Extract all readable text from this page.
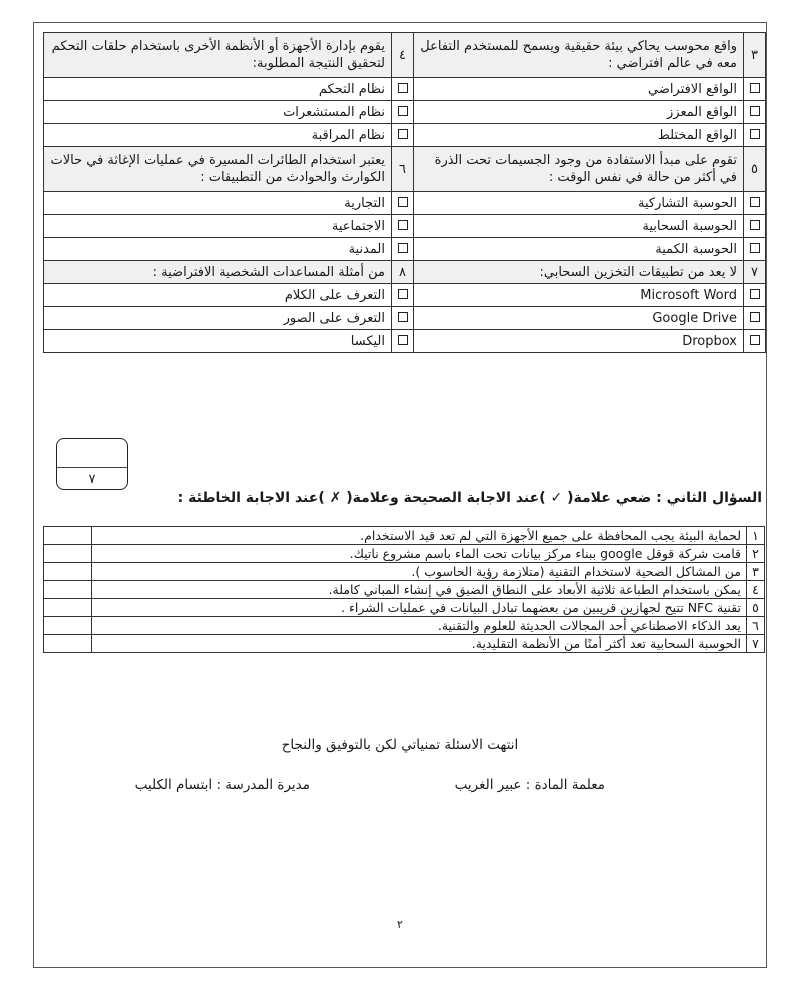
٣	واقع محوسب يحاكي بيئة حقيقية ويسمح للمستخدم التفاعل معه في عالم افتراضي :	٤	يقوم بإدارة الأجهزة أو الأنظمة الأخرى باستخدام حلقات التحكم لتحقيق النتيجة المطلوبة:
	الواقع الافتراضي		نظام التحكم
	الواقع المعزز		نظام المستشعرات
	الواقع المختلط		نظام المراقبة
٥	تقوم على مبدأ الاستفادة من وجود الجسيمات تحت الذرة في أكثر من حالة في نفس الوقت :	٦	يعتبر استخدام الطائرات المسيرة في عمليات الإغاثة في حالات الكوارث والحوادث من التطبيقات :
	الحوسبة التشاركية		التجارية
	الحوسبة السحابية		الاجتماعية
	الحوسبة الكمية		المدنية
٧	لا يعد من تطبيقات التخزين السحابي:	٨	من أمثلة المساعدات الشخصية الافتراضية :
	Microsoft Word		التعرف على الكلام
	Google Drive		التعرف على الصور
	Dropbox		اليكسا
٧
السؤال الثاني : ضعي علامة( ✓ )عند الاجابة الصحيحة وعلامة( ✗ )عند الاجابة الخاطئة :
١	لحماية البيئة يجب المحافظة على جميع الأجهزة التي لم تعد قيد الاستخدام.	
٢	قامت شركة قوقل google ببناء مركز بيانات تحت الماء باسم مشروع ناتيك.	
٣	من المشاكل الصحية لاستخدام التقنية (متلازمة رؤية الحاسوب ).	
٤	يمكن باستخدام الطباعة ثلاثية الأبعاد على النطاق الضيق في إنشاء المباني كاملة.	
٥	تقنية NFC تتيح لجهازين قريبين من بعضهما تبادل البيانات في عمليات الشراء .	
٦	يعد الذكاء الاصطناعي أحد المجالات الحديثة للعلوم والتقنية.	
٧	الحوسبة السحابية تعد أكثر أمنًا من الأنظمة التقليدية.	
انتهت الاسئلة تمنياتي لكن بالتوفيق والنجاح
معلمة المادة : عبير الغريب
مديرة المدرسة : ابتسام الكليب
٢
